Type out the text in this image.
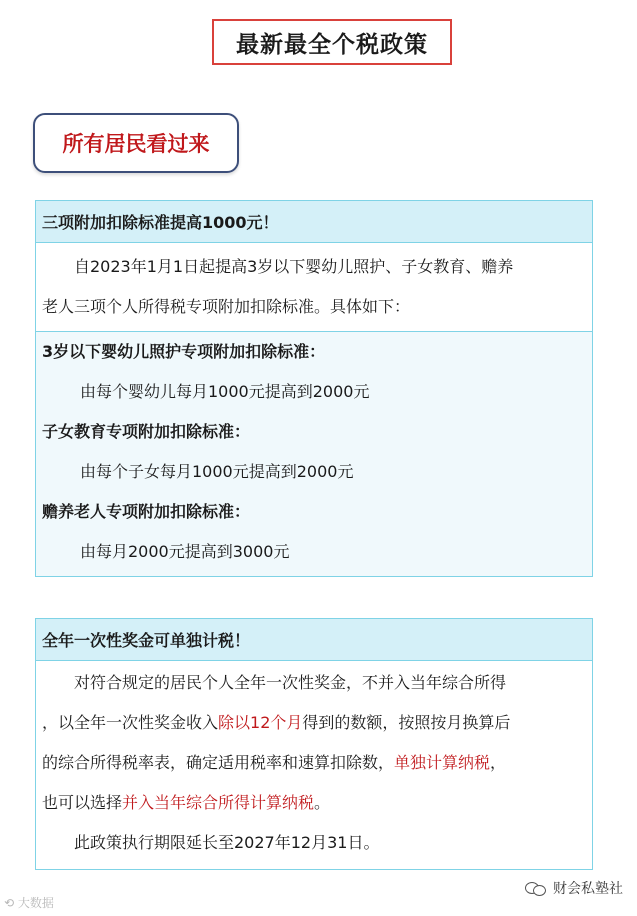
最新最全个税政策
所有居民看过来
三项附加扣除标准提高1000元！
自2023年1月1日起提高3岁以下婴幼儿照护、子女教育、赡养
老人三项个人所得税专项附加扣除标准。具体如下：
3岁以下婴幼儿照护专项附加扣除标准：
由每个婴幼儿每月1000元提高到2000元
子女教育专项附加扣除标准：
由每个子女每月1000元提高到2000元
赡养老人专项附加扣除标准：
由每月2000元提高到3000元
全年一次性奖金可单独计税！
对符合规定的居民个人全年一次性奖金，不并入当年综合所得
，以全年一次性奖金收入除以12个月得到的数额，按照按月换算后
的综合所得税率表，确定适用税率和速算扣除数，单独计算纳税，
也可以选择并入当年综合所得计算纳税。
此政策执行期限延长至2027年12月31日。
⟲ 大数据
财会私塾社
